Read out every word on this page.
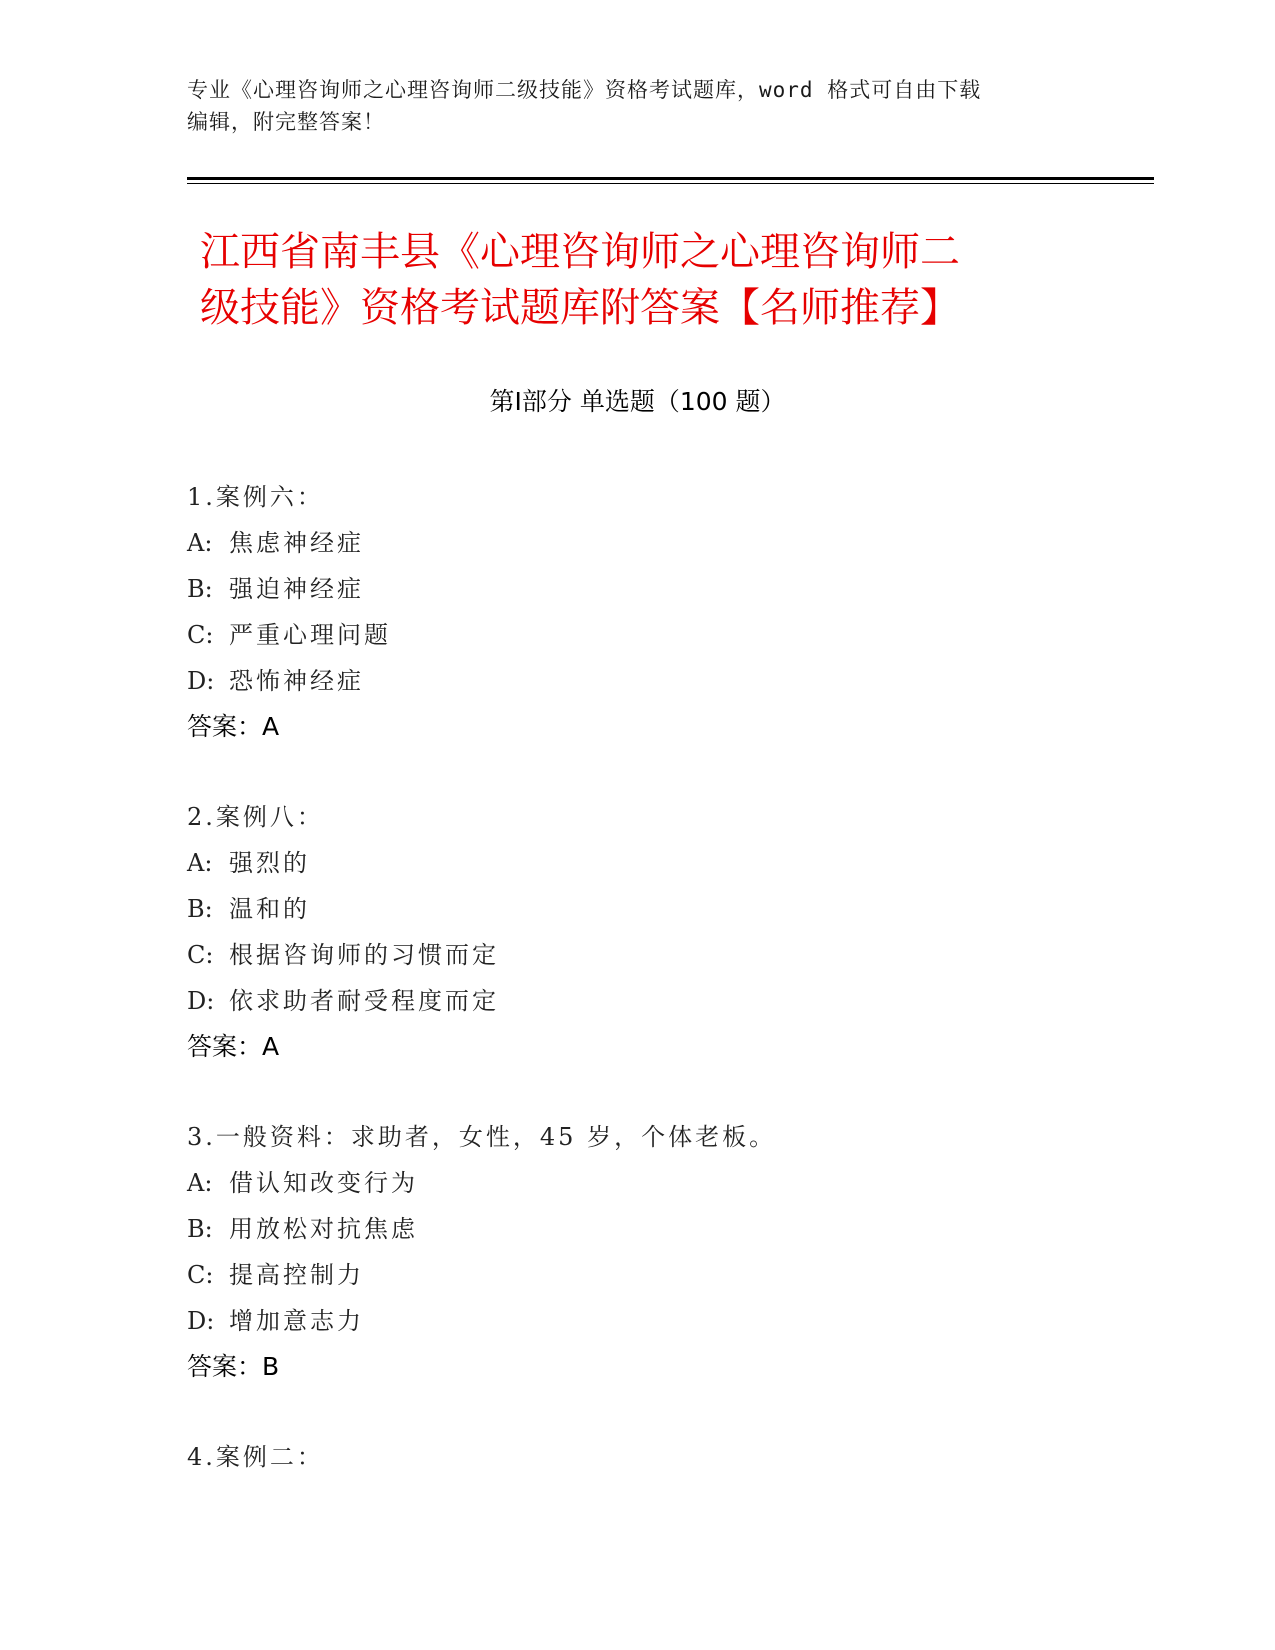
专业《心理咨询师之心理咨询师二级技能》资格考试题库，word 格式可自由下载
编辑，附完整答案！
江西省南丰县《心理咨询师之心理咨询师二
级技能》资格考试题库附答案【名师推荐】
第Ⅰ部分 单选题（100 题）
1.案例六：
A: 焦虑神经症
B: 强迫神经症
C: 严重心理问题
D: 恐怖神经症
答案：A
2.案例八：
A: 强烈的
B: 温和的
C: 根据咨询师的习惯而定
D: 依求助者耐受程度而定
答案：A
3.一般资料：求助者，女性，45 岁，个体老板。
A: 借认知改变行为
B: 用放松对抗焦虑
C: 提高控制力
D: 增加意志力
答案：B
4.案例二：
